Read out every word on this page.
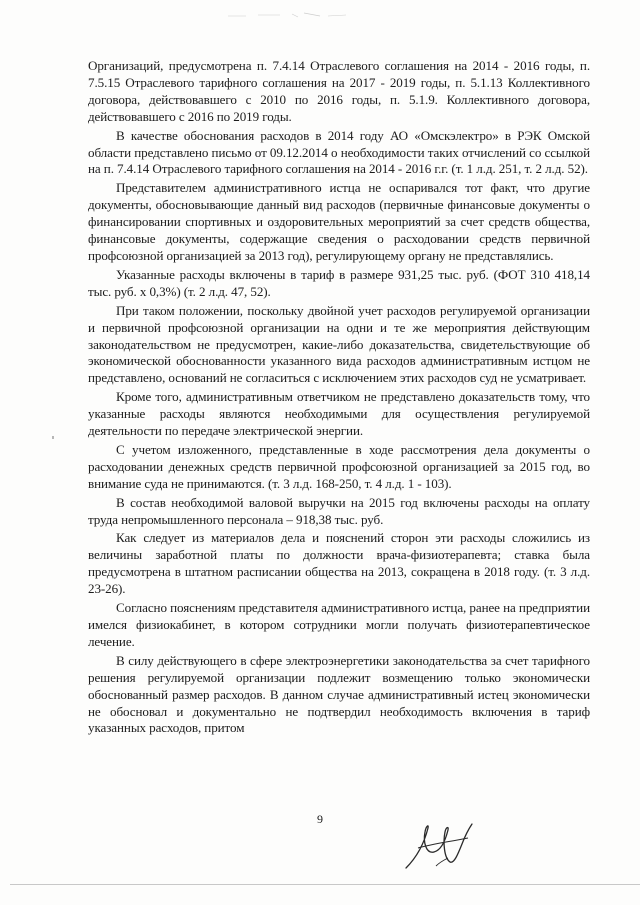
Организаций, предусмотрена п. 7.4.14 Отраслевого соглашения на 2014 - 2016 годы, п. 7.5.15 Отраслевого тарифного соглашения на 2017 - 2019 годы, п. 5.1.13 Коллективного договора, действовавшего с 2010 по 2016 годы, п. 5.1.9. Коллективного договора, действовавшего с 2016 по 2019 годы.

В качестве обоснования расходов в 2014 году АО «Омскэлектро» в РЭК Омской области представлено письмо от 09.12.2014 о необходимости таких отчислений со ссылкой на п. 7.4.14 Отраслевого тарифного соглашения на 2014 - 2016 г.г. (т. 1 л.д. 251, т. 2 л.д. 52).

Представителем административного истца не оспаривался тот факт, что другие документы, обосновывающие данный вид расходов (первичные финансовые документы о финансировании спортивных и оздоровительных мероприятий за счет средств общества, финансовые документы, содержащие сведения о расходовании средств первичной профсоюзной организацией за 2013 год), регулирующему органу не представлялись.

Указанные расходы включены в тариф в размере 931,25 тыс. руб. (ФОТ 310 418,14 тыс. руб. х 0,3%) (т. 2 л.д. 47, 52).

При таком положении, поскольку двойной учет расходов регулируемой организации и первичной профсоюзной организации на одни и те же мероприятия действующим законодательством не предусмотрен, какие-либо доказательства, свидетельствующие об экономической обоснованности указанного вида расходов административным истцом не представлено, оснований не согласиться с исключением этих расходов суд не усматривает.

Кроме того, административным ответчиком не представлено доказательств тому, что указанные расходы являются необходимыми для осуществления регулируемой деятельности по передаче электрической энергии.

С учетом изложенного, представленные в ходе рассмотрения дела документы о расходовании денежных средств первичной профсоюзной организацией за 2015 год, во внимание суда не принимаются. (т. 3 л.д. 168-250, т. 4 л.д. 1 - 103).

В состав необходимой валовой выручки на 2015 год включены расходы на оплату труда непромышленного персонала – 918,38 тыс. руб.

Как следует из материалов дела и пояснений сторон эти расходы сложились из величины заработной платы по должности врача-физиотерапевта; ставка была предусмотрена в штатном расписании общества на 2013, сокращена в 2018 году. (т. 3 л.д. 23-26).

Согласно пояснениям представителя административного истца, ранее на предприятии имелся физиокабинет, в котором сотрудники могли получать физиотерапевтическое лечение.

В силу действующего в сфере электроэнергетики законодательства за счет тарифного решения регулируемой организации подлежит возмещению только экономически обоснованный размер расходов. В данном случае административный истец экономически не обосновал и документально не подтвердил необходимость включения в тариф указанных расходов, притом

9
